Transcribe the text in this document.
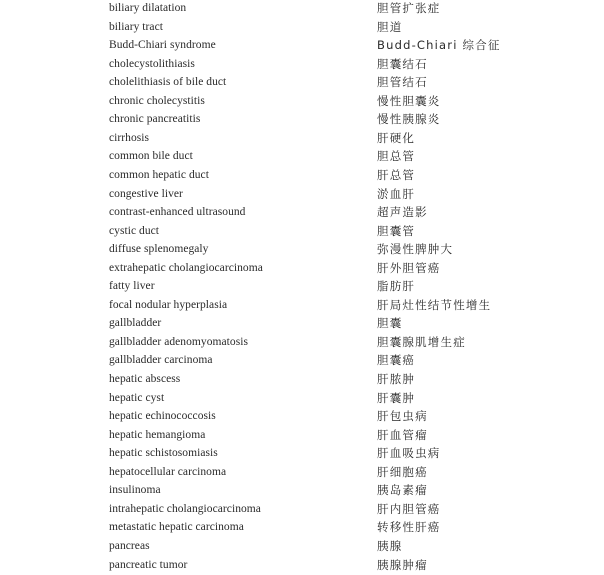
biliary dilatation	胆管扩张症
biliary tract	胆道
Budd-Chiari syndrome	Budd-Chiari 综合征
cholecystolithiasis	胆囊结石
cholelithiasis of bile duct	胆管结石
chronic cholecystitis	慢性胆囊炎
chronic pancreatitis	慢性胰腺炎
cirrhosis	肝硬化
common bile duct	胆总管
common hepatic duct	肝总管
congestive liver	淤血肝
contrast-enhanced ultrasound	超声造影
cystic duct	胆囊管
diffuse splenomegaly	弥漫性脾肿大
extrahepatic cholangiocarcinoma	肝外胆管癌
fatty liver	脂肪肝
focal nodular hyperplasia	肝局灶性结节性增生
gallbladder	胆囊
gallbladder adenomyomatosis	胆囊腺肌增生症
gallbladder carcinoma	胆囊癌
hepatic abscess	肝脓肿
hepatic cyst	肝囊肿
hepatic echinococcosis	肝包虫病
hepatic hemangioma	肝血管瘤
hepatic schistosomiasis	肝血吸虫病
hepatocellular carcinoma	肝细胞癌
insulinoma	胰岛素瘤
intrahepatic cholangiocarcinoma	肝内胆管癌
metastatic hepatic carcinoma	转移性肝癌
pancreas	胰腺
pancreatic tumor	胰腺肿瘤
